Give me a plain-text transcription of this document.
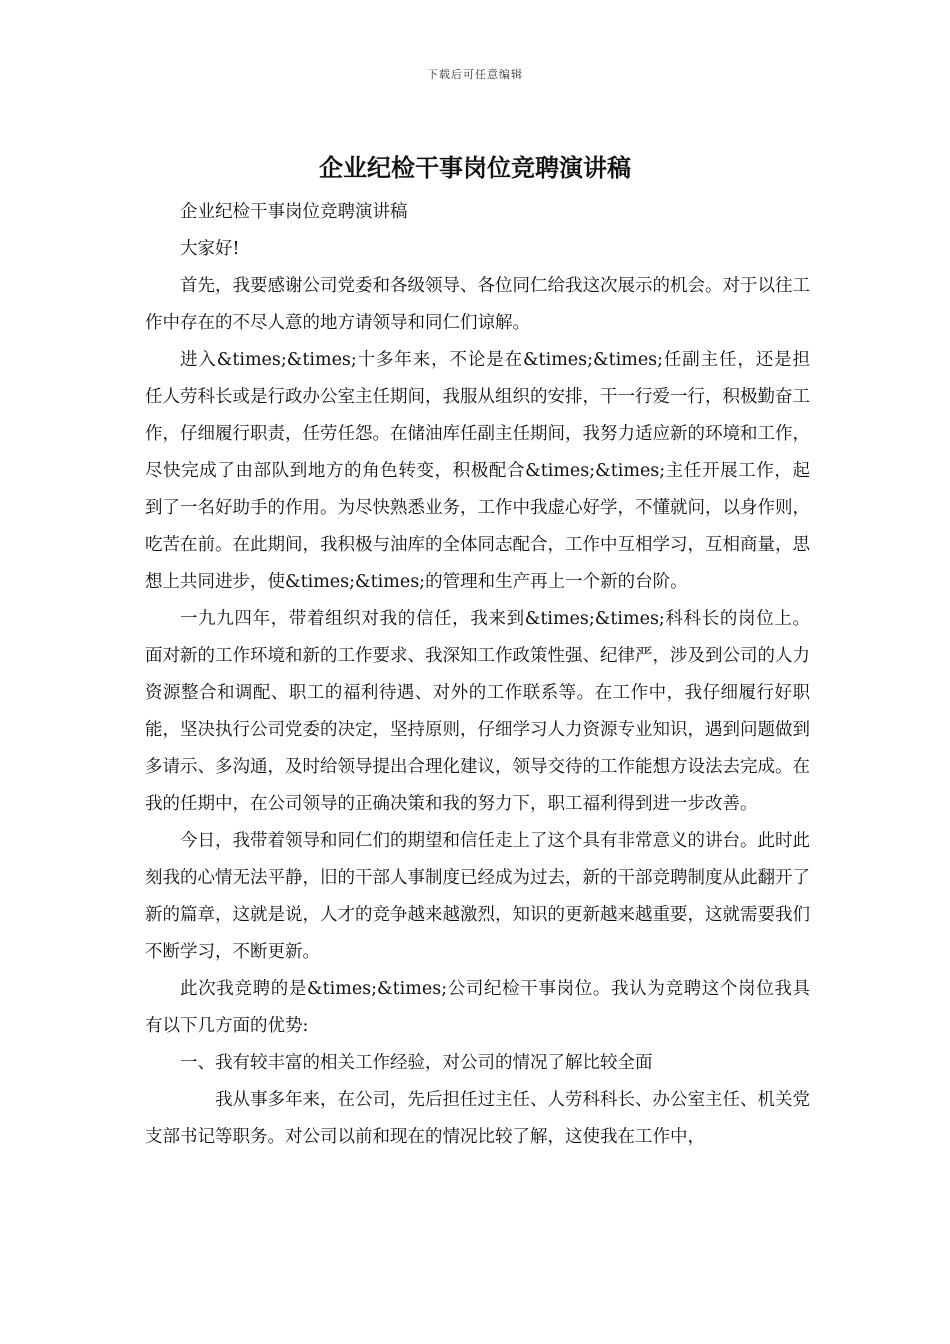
下载后可任意编辑
企业纪检干事岗位竞聘演讲稿

企业纪检干事岗位竞聘演讲稿

大家好!

首先，我要感谢公司党委和各级领导、各位同仁给我这次展示的机会。对于以往工作中存在的不尽人意的地方请领导和同仁们谅解。

进入&times;&times;十多年来，不论是在&times;&times;任副主任，还是担任人劳科长或是行政办公室主任期间，我服从组织的安排，干一行爱一行，积极勤奋工作，仔细履行职责，任劳任怨。在储油库任副主任期间，我努力适应新的环境和工作，尽快完成了由部队到地方的角色转变，积极配合&times;&times;主任开展工作，起到了一名好助手的作用。为尽快熟悉业务，工作中我虚心好学，不懂就问，以身作则，吃苦在前。在此期间，我积极与油库的全体同志配合，工作中互相学习，互相商量，思想上共同进步，使&times;&times;的管理和生产再上一个新的台阶。

一九九四年，带着组织对我的信任，我来到&times;&times;科科长的岗位上。面对新的工作环境和新的工作要求、我深知工作政策性强、纪律严，涉及到公司的人力资源整合和调配、职工的福利待遇、对外的工作联系等。在工作中，我仔细履行好职能，坚决执行公司党委的决定，坚持原则，仔细学习人力资源专业知识，遇到问题做到多请示、多沟通，及时给领导提出合理化建议，领导交待的工作能想方设法去完成。在我的任期中，在公司领导的正确决策和我的努力下，职工福利得到进一步改善。

今日，我带着领导和同仁们的期望和信任走上了这个具有非常意义的讲台。此时此刻我的心情无法平静，旧的干部人事制度已经成为过去，新的干部竞聘制度从此翻开了新的篇章，这就是说，人才的竞争越来越激烈，知识的更新越来越重要，这就需要我们不断学习，不断更新。

此次我竞聘的是&times;&times;公司纪检干事岗位。我认为竞聘这个岗位我具有以下几方面的优势:

一、我有较丰富的相关工作经验，对公司的情况了解比较全面

我从事多年来，在公司，先后担任过主任、人劳科科长、办公室主任、机关党支部书记等职务。对公司以前和现在的情况比较了解，这使我在工作中，
